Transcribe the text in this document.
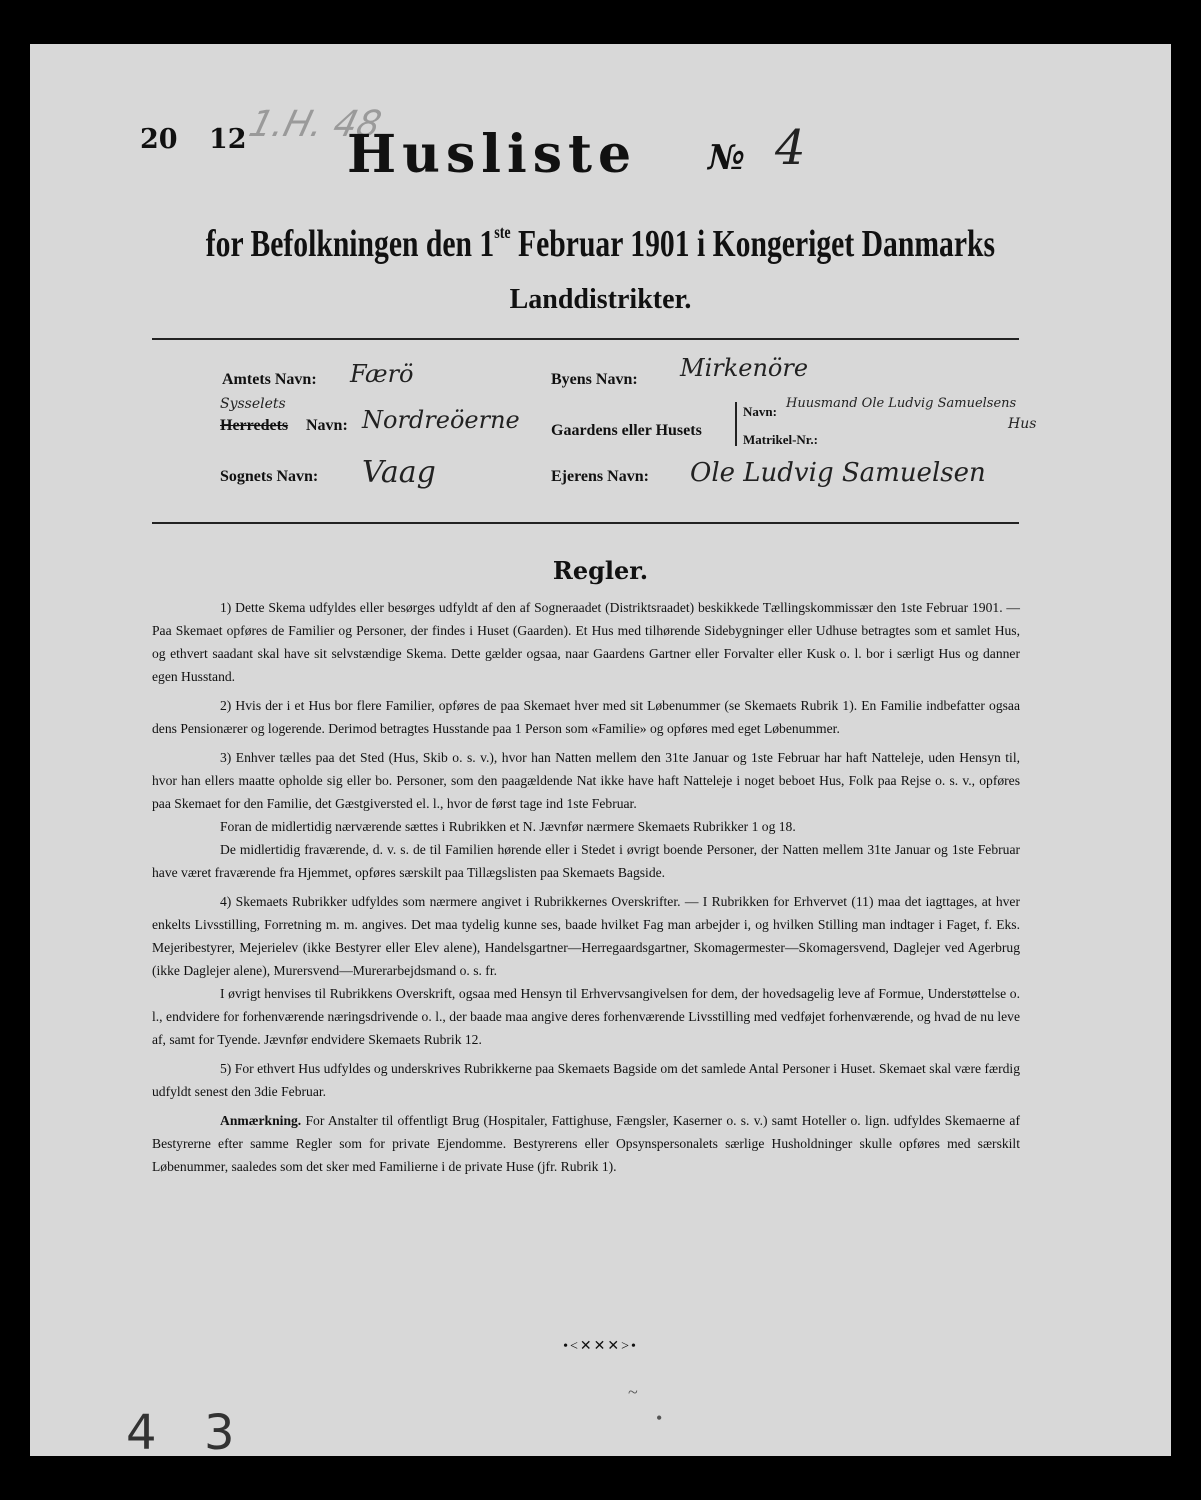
20 12
1.H. 48
Husliste № 4
for Befolkningen den 1ste Februar 1901 i Kongeriget Danmarks
Landdistrikter.
Amtets Navn: Færö
Sysselets
Herredets Navn: Nordreöerne
Sognets Navn: Vaag
Byens Navn: Mirkenöre
Gaardens eller Husets
Navn:
Huusmand Ole Ludvig Samuelsens
Hus
Matrikel-Nr.:
Ejerens Navn: Ole Ludvig Samuelsen
Regler.

1) Dette Skema udfyldes eller besørges udfyldt af den af Sogneraadet (Distriktsraadet) beskikkede Tællingskommissær den 1ste Februar 1901. — Paa Skemaet opføres de Familier og Personer, der findes i Huset (Gaarden). Et Hus med tilhørende Sidebygninger eller Udhuse betragtes som et samlet Hus, og ethvert saadant skal have sit selvstændige Skema. Dette gælder ogsaa, naar Gaardens Gartner eller Forvalter eller Kusk o. l. bor i særligt Hus og danner egen Husstand.

2) Hvis der i et Hus bor flere Familier, opføres de paa Skemaet hver med sit Løbenummer (se Skemaets Rubrik 1). En Familie indbefatter ogsaa dens Pensionærer og logerende. Derimod betragtes Husstande paa 1 Person som «Familie» og opføres med eget Løbenummer.

3) Enhver tælles paa det Sted (Hus, Skib o. s. v.), hvor han Natten mellem den 31te Januar og 1ste Februar har haft Natteleje, uden Hensyn til, hvor han ellers maatte opholde sig eller bo. Personer, som den paagældende Nat ikke have haft Natteleje i noget beboet Hus, Folk paa Rejse o. s. v., opføres paa Skemaet for den Familie, det Gæstgiversted el. l., hvor de først tage ind 1ste Februar.

Foran de midlertidig nærværende sættes i Rubrikken et N. Jævnfør nærmere Skemaets Rubrikker 1 og 18.

De midlertidig fraværende, d. v. s. de til Familien hørende eller i Stedet i øvrigt boende Personer, der Natten mellem 31te Januar og 1ste Februar have været fraværende fra Hjemmet, opføres særskilt paa Tillægslisten paa Skemaets Bagside.

4) Skemaets Rubrikker udfyldes som nærmere angivet i Rubrikkernes Overskrifter. — I Rubrikken for Erhvervet (11) maa det iagttages, at hver enkelts Livsstilling, Forretning m. m. angives. Det maa tydelig kunne ses, baade hvilket Fag man arbejder i, og hvilken Stilling man indtager i Faget, f. Eks. Mejeribestyrer, Mejerielev (ikke Bestyrer eller Elev alene), Handelsgartner—Herregaardsgartner, Skomagermester—Skomagersvend, Daglejer ved Agerbrug (ikke Daglejer alene), Murersvend—Murerarbejdsmand o. s. fr.

I øvrigt henvises til Rubrikkens Overskrift, ogsaa med Hensyn til Erhvervsangivelsen for dem, der hovedsagelig leve af Formue, Understøttelse o. l., endvidere for forhenværende næringsdrivende o. l., der baade maa angive deres forhenværende Livsstilling med vedføjet forhenværende, og hvad de nu leve af, samt for Tyende. Jævnfør endvidere Skemaets Rubrik 12.

5) For ethvert Hus udfyldes og underskrives Rubrikkerne paa Skemaets Bagside om det samlede Antal Personer i Huset. Skemaet skal være færdig udfyldt senest den 3die Februar.

Anmærkning. For Anstalter til offentligt Brug (Hospitaler, Fattighuse, Fængsler, Kaserner o. s. v.) samt Hoteller o. lign. udfyldes Skemaerne af Bestyrerne efter samme Regler som for private Ejendomme. Bestyrerens eller Opsynspersonalets særlige Husholdninger skulle opføres med særskilt Løbenummer, saaledes som det sker med Familierne i de private Huse (jfr. Rubrik 1).

•<✕✕✕>•
~
•
4 3
